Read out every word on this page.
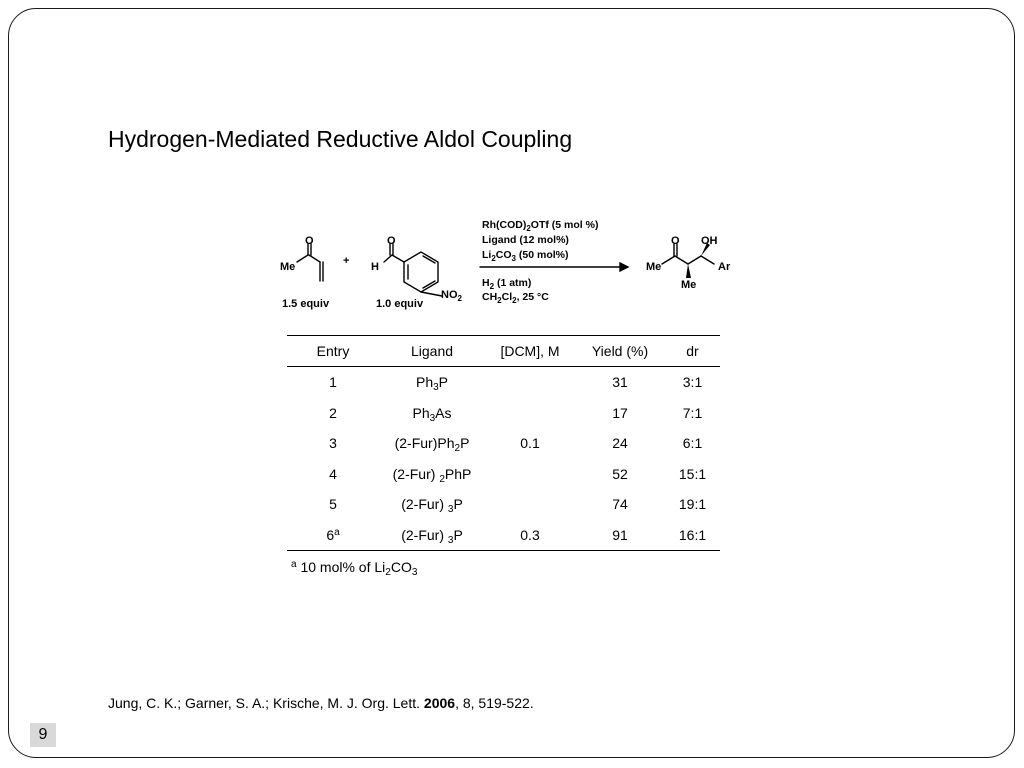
Hydrogen-Mediated Reductive Aldol Coupling
Me
O
+ H
O
$NO_2$
1.5 equiv	1.0 equiv
$Rh(COD)_2OTf$ (5 mol %)
Ligand (12 mol%)
$Li_2CO_3$ (50 mol%)
$H_2$ (1 atm)
$CH_2Cl_2$, 25 °C
Me
O OH
Ar
Me
Entry	Ligand	[DCM], M	Yield (%)	dr
1	$Ph_3P$		31	3:1
2	$Ph_3As$		17	7:1
3	$(2-Fur)Ph_2P$	0.1	24	6:1
4	(2-Fur) $_2$PhP		52	15:1
5	(2-Fur) $_3$P		74	19:1
6$^a$	(2-Fur) $_3$P	0.3	91	16:1
$^a$ 10 mol% of $Li_2CO_3$
Jung, C. K.; Garner, S. A.; Krische, M. J. Org. Lett. 2006, 8, 519-522.
9
